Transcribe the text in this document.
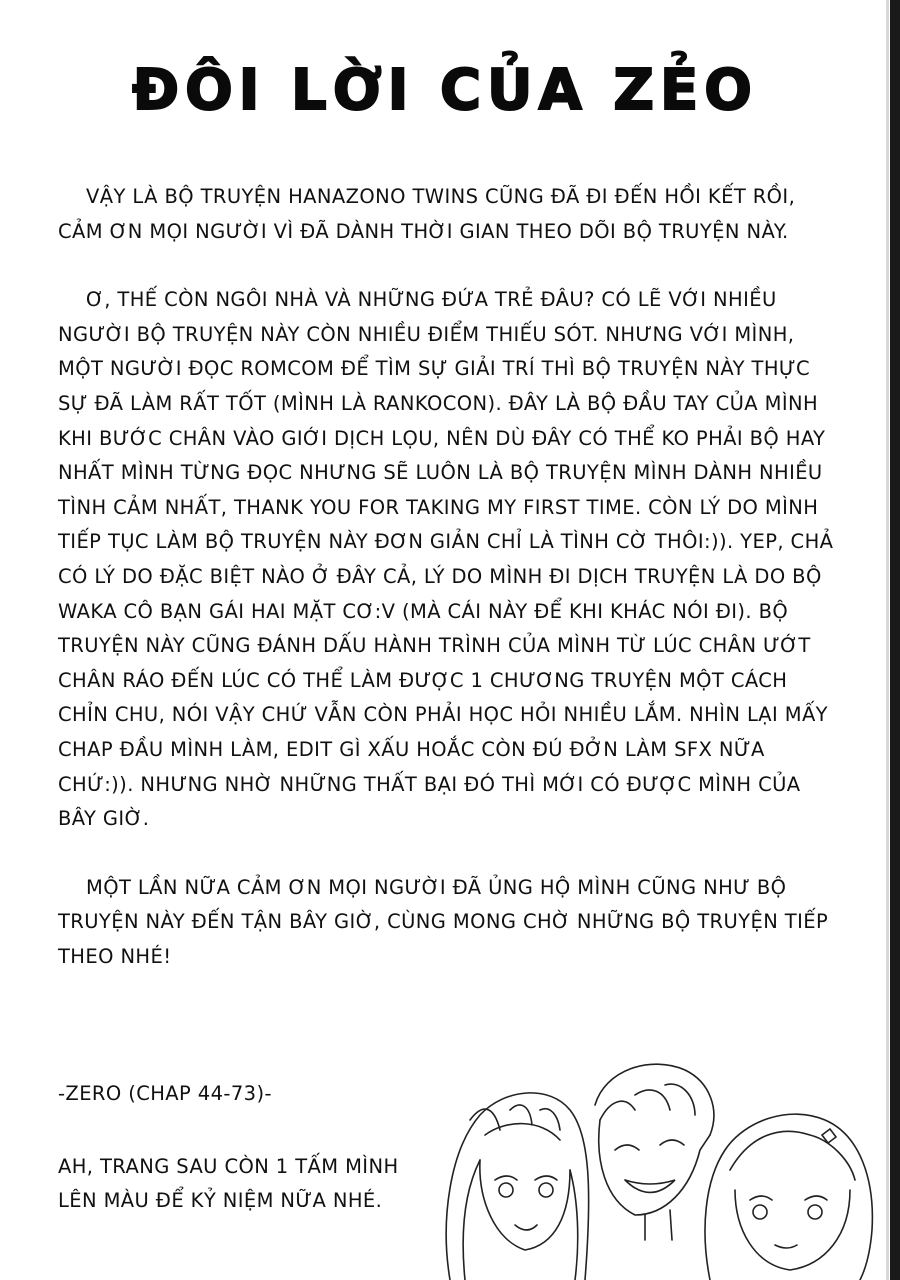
ĐÔI LỜI CỦA ZẺO

VẬY LÀ BỘ TRUYỆN HANAZONO TWINS CŨNG ĐÃ ĐI ĐẾN HỒI KẾT RỒI, CẢM ƠN MỌI NGƯỜI VÌ ĐÃ DÀNH THỜI GIAN THEO DÕI BỘ TRUYỆN NÀY.

Ơ, THẾ CÒN NGÔI NHÀ VÀ NHỮNG ĐỨA TRẺ ĐÂU? CÓ LẼ VỚI NHIỀU NGƯỜI BỘ TRUYỆN NÀY CÒN NHIỀU ĐIỂM THIẾU SÓT. NHƯNG VỚI MÌNH, MỘT NGƯỜI ĐỌC ROMCOM ĐỂ TÌM SỰ GIẢI TRÍ THÌ BỘ TRUYỆN NÀY THỰC SỰ ĐÃ LÀM RẤT TỐT (MÌNH LÀ RANKOCON). ĐÂY LÀ BỘ ĐẦU TAY CỦA MÌNH KHI BƯỚC CHÂN VÀO GIỚI DỊCH LỌU, NÊN DÙ ĐÂY CÓ THỂ KO PHẢI BỘ HAY NHẤT MÌNH TỪNG ĐỌC NHƯNG SẼ LUÔN LÀ BỘ TRUYỆN MÌNH DÀNH NHIỀU TÌNH CẢM NHẤT, THANK YOU FOR TAKING MY FIRST TIME. CÒN LÝ DO MÌNH TIẾP TỤC LÀM BỘ TRUYỆN NÀY ĐƠN GIẢN CHỈ LÀ TÌNH CỜ THÔI:)). YEP, CHẢ CÓ LÝ DO ĐẶC BIỆT NÀO Ở ĐÂY CẢ, LÝ DO MÌNH ĐI DỊCH TRUYỆN LÀ DO BỘ WAKA CÔ BẠN GÁI HAI MẶT CƠ:V (MÀ CÁI NÀY ĐỂ KHI KHÁC NÓI ĐI). BỘ TRUYỆN NÀY CŨNG ĐÁNH DẤU HÀNH TRÌNH CỦA MÌNH TỪ LÚC CHÂN ƯỚT CHÂN RÁO ĐẾN LÚC CÓ THỂ LÀM ĐƯỢC 1 CHƯƠNG TRUYỆN MỘT CÁCH CHỈN CHU, NÓI VẬY CHỨ VẪN CÒN PHẢI HỌC HỎI NHIỀU LẮM. NHÌN LẠI MẤY CHAP ĐẦU MÌNH LÀM, EDIT GÌ XẤU HOẮC CÒN ĐÚ ĐỞN LÀM SFX NỮA CHỨ:)). NHƯNG NHỜ NHỮNG THẤT BẠI ĐÓ THÌ MỚI CÓ ĐƯỢC MÌNH CỦA BÂY GIỜ.

MỘT LẦN NỮA CẢM ƠN MỌI NGƯỜI ĐÃ ỦNG HỘ MÌNH CŨNG NHƯ BỘ TRUYỆN NÀY ĐẾN TẬN BÂY GIỜ, CÙNG MONG CHỜ NHỮNG BỘ TRUYỆN TIẾP THEO NHÉ!

-ZERO (CHAP 44-73)-
AH, TRANG SAU CÒN 1 TẤM MÌNH LÊN MÀU ĐỂ KỶ NIỆM NỮA NHÉ.
